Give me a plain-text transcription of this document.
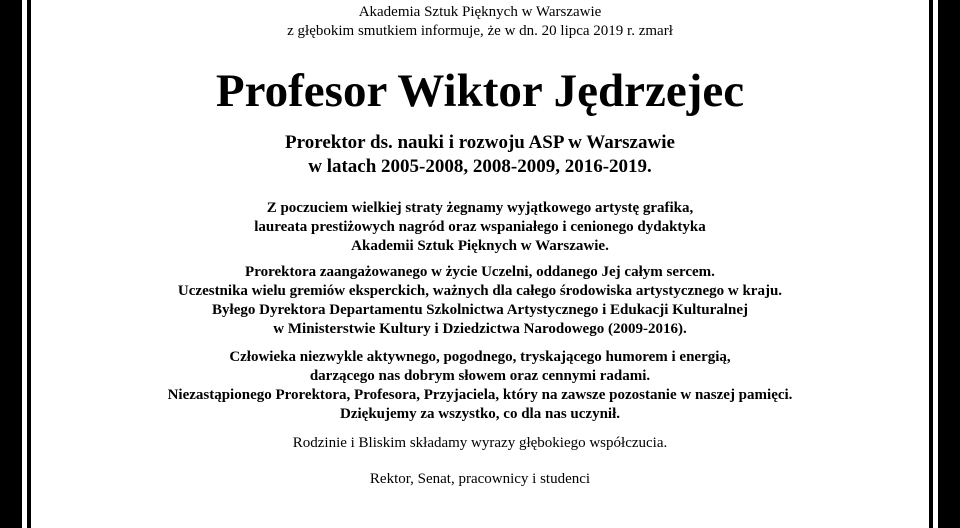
Akademia Sztuk Pięknych w Warszawie
z głębokim smutkiem informuje, że w dn. 20 lipca 2019 r. zmarł
Profesor Wiktor Jędrzejec
Prorektor ds. nauki i rozwoju ASP w Warszawie
w latach 2005-2008, 2008-2009, 2016-2019.
Z poczuciem wielkiej straty żegnamy wyjątkowego artystę grafika,
laureata prestiżowych nagród oraz wspaniałego i cenionego dydaktyka
Akademii Sztuk Pięknych w Warszawie.
Prorektora zaangażowanego w życie Uczelni, oddanego Jej całym sercem.
Uczestnika wielu gremiów eksperckich, ważnych dla całego środowiska artystycznego w kraju.
Byłego Dyrektora Departamentu Szkolnictwa Artystycznego i Edukacji Kulturalnej
w Ministerstwie Kultury i Dziedzictwa Narodowego (2009-2016).
Człowieka niezwykle aktywnego, pogodnego, tryskającego humorem i energią,
darzącego nas dobrym słowem oraz cennymi radami.
Niezastąpionego Prorektora, Profesora, Przyjaciela, który na zawsze pozostanie w naszej pamięci.
Dziękujemy za wszystko, co dla nas uczynił.
Rodzinie i Bliskim składamy wyrazy głębokiego współczucia.
Rektor, Senat, pracownicy i studenci
